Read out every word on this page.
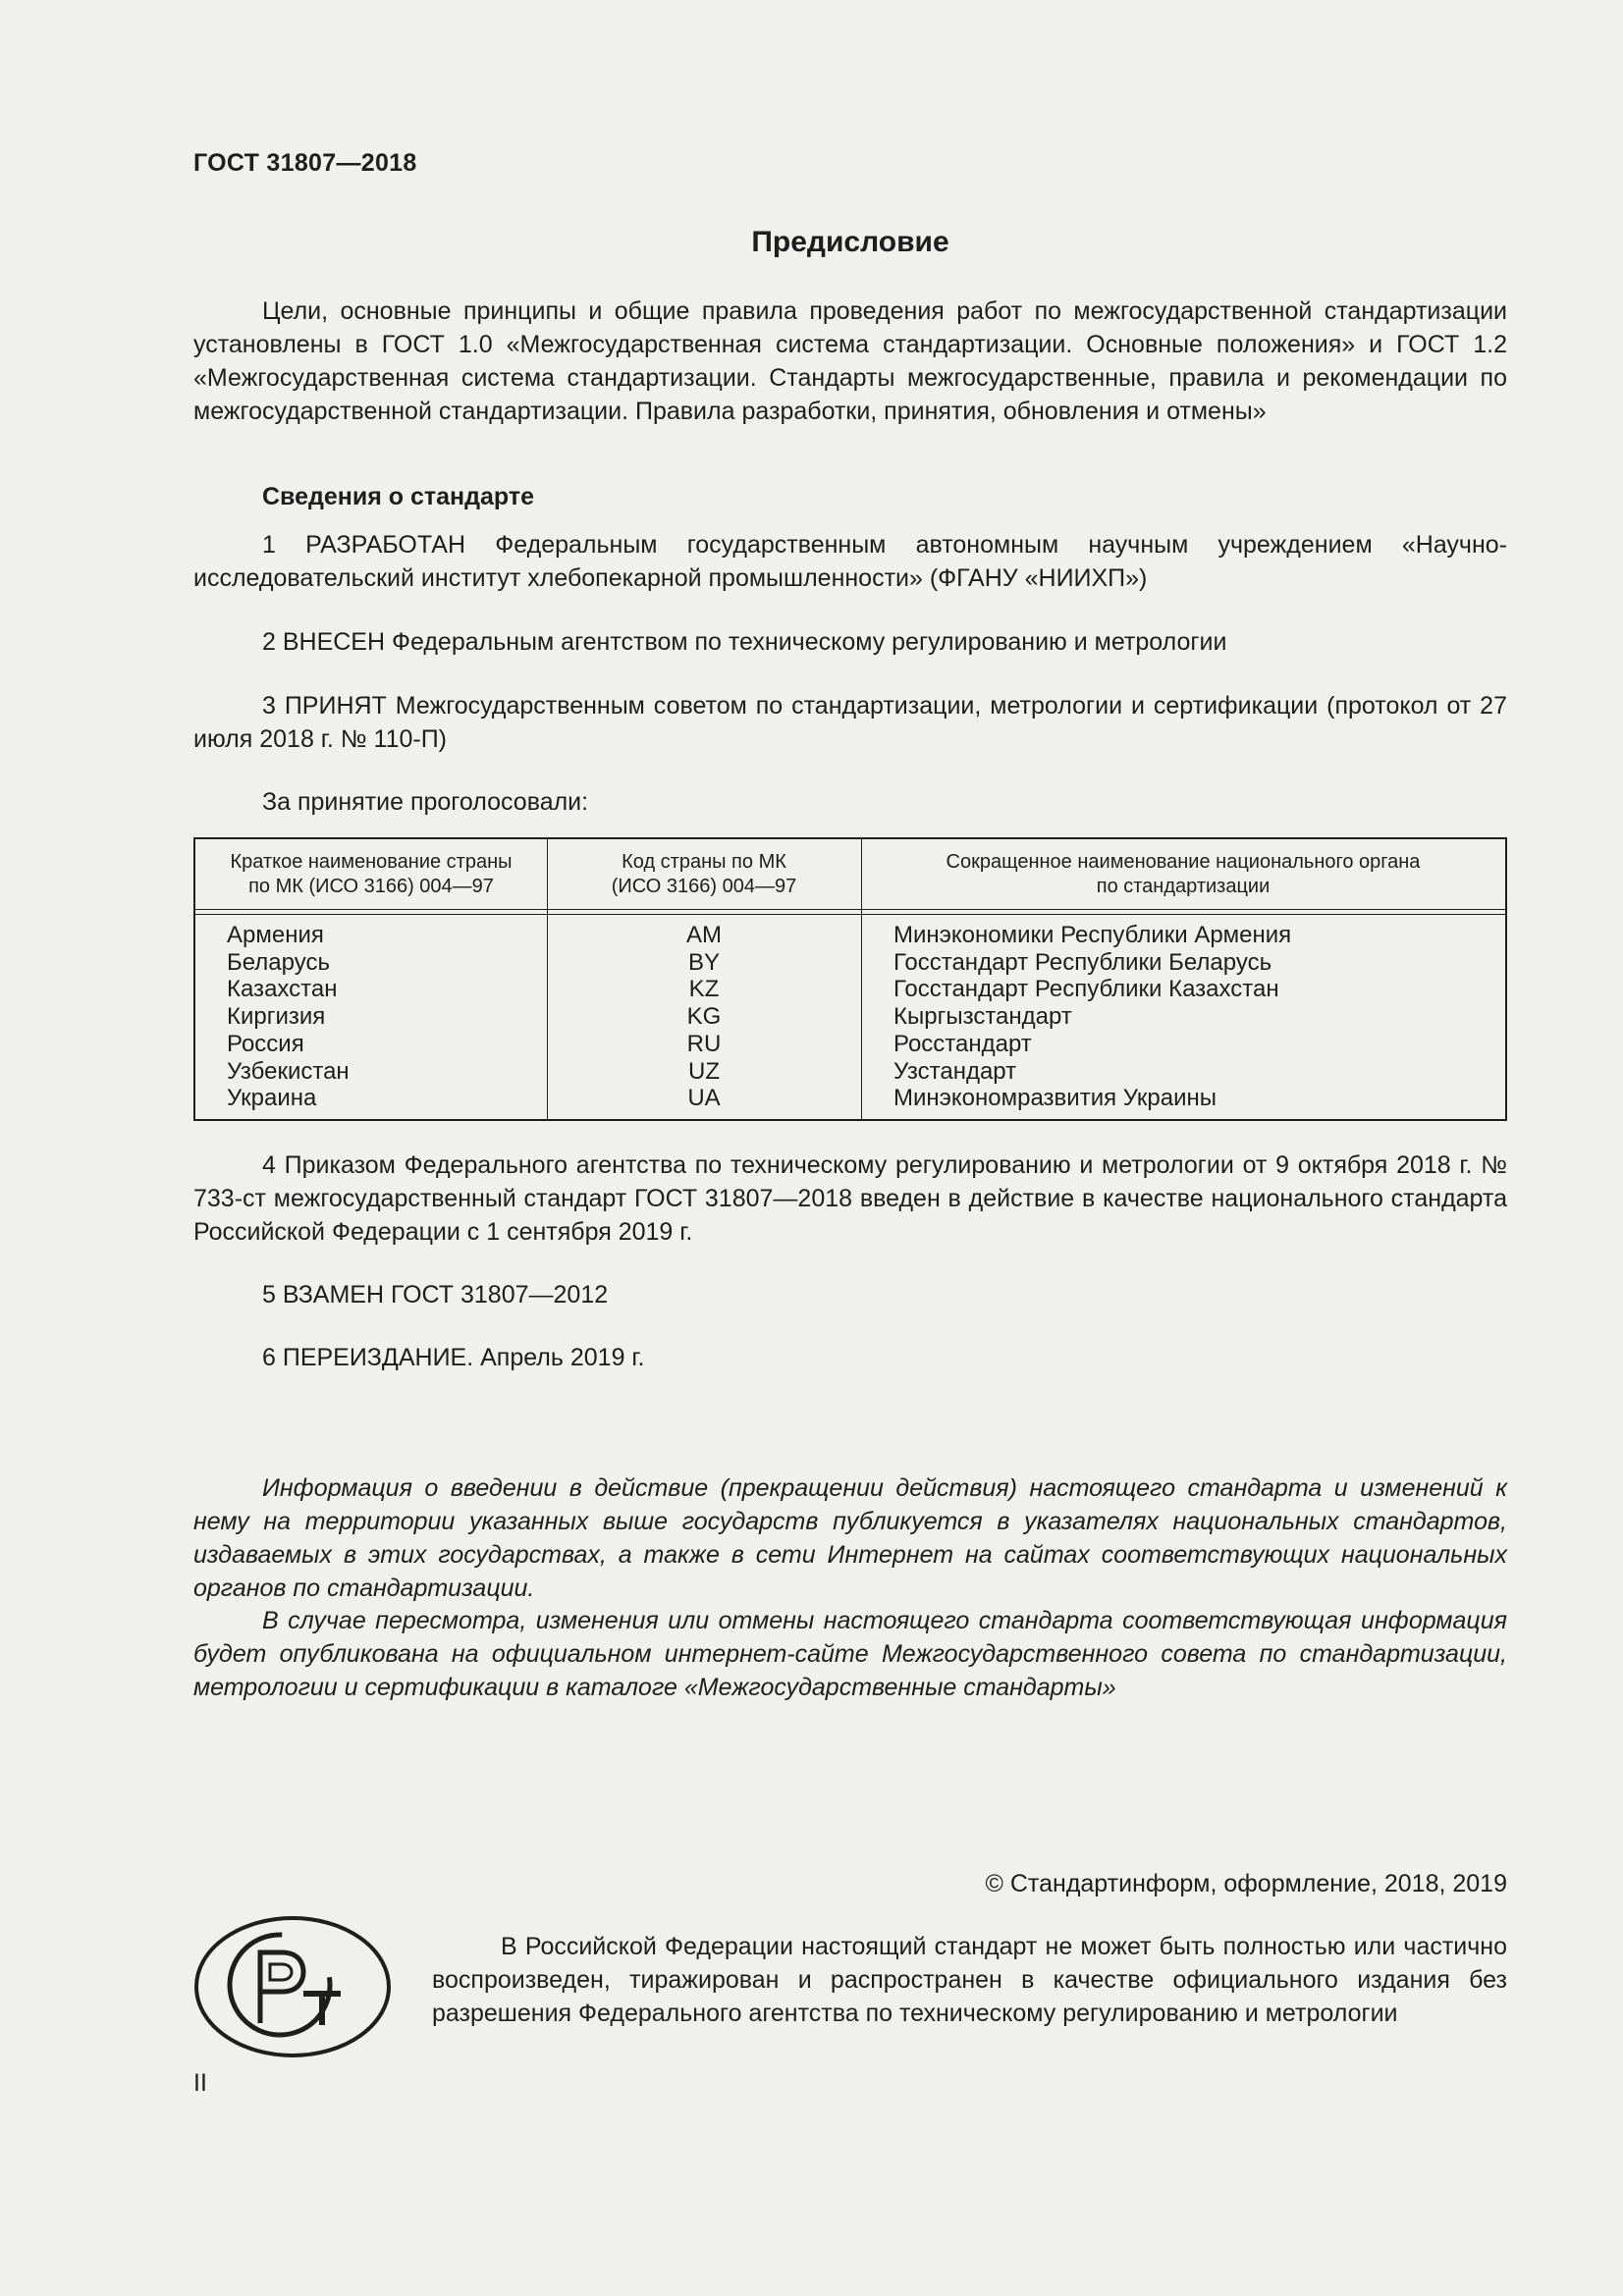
ГОСТ 31807—2018
Предисловие

Цели, основные принципы и общие правила проведения работ по межгосударственной стандартизации установлены в ГОСТ 1.0 «Межгосударственная система стандартизации. Основные положения» и ГОСТ 1.2 «Межгосударственная система стандартизации. Стандарты межгосударственные, правила и рекомендации по межгосударственной стандартизации. Правила разработки, принятия, обновления и отмены»

Сведения о стандарте

1 РАЗРАБОТАН Федеральным государственным автономным научным учреждением «Научно-исследовательский институт хлебопекарной промышленности» (ФГАНУ «НИИХП»)

2 ВНЕСЕН Федеральным агентством по техническому регулированию и метрологии

3 ПРИНЯТ Межгосударственным советом по стандартизации, метрологии и сертификации (протокол от 27 июля 2018 г. № 110-П)

За принятие проголосовали:

Краткое наименование страны
по МК (ИСО 3166) 004—97
Код страны по МК
(ИСО 3166) 004—97
Сокращенное наименование национального органа
по стандартизации
Армения
Беларусь
Казахстан
Киргизия
Россия
Узбекистан
Украина
AM
BY
KZ
KG
RU
UZ
UA
Минэкономики Республики Армения
Госстандарт Республики Беларусь
Госстандарт Республики Казахстан
Кыргызстандарт
Росстандарт
Узстандарт
Минэкономразвития Украины

4 Приказом Федерального агентства по техническому регулированию и метрологии от 9 октября 2018 г. № 733-ст межгосударственный стандарт ГОСТ 31807—2018 введен в действие в качестве национального стандарта Российской Федерации с 1 сентября 2019 г.

5 ВЗАМЕН ГОСТ 31807—2012

6 ПЕРЕИЗДАНИЕ. Апрель 2019 г.

Информация о введении в действие (прекращении действия) настоящего стандарта и изменений к нему на территории указанных выше государств публикуется в указателях национальных стандартов, издаваемых в этих государствах, а также в сети Интернет на сайтах соответствующих национальных органов по стандартизации.

В случае пересмотра, изменения или отмены настоящего стандарта соответствующая информация будет опубликована на официальном интернет-сайте Межгосударственного совета по стандартизации, метрологии и сертификации в каталоге «Межгосударственные стандарты»

© Стандартинформ, оформление, 2018, 2019

В Российской Федерации настоящий стандарт не может быть полностью или частично воспроизведен, тиражирован и распространен в качестве официального издания без разрешения Федерального агентства по техническому регулированию и метрологии

II
